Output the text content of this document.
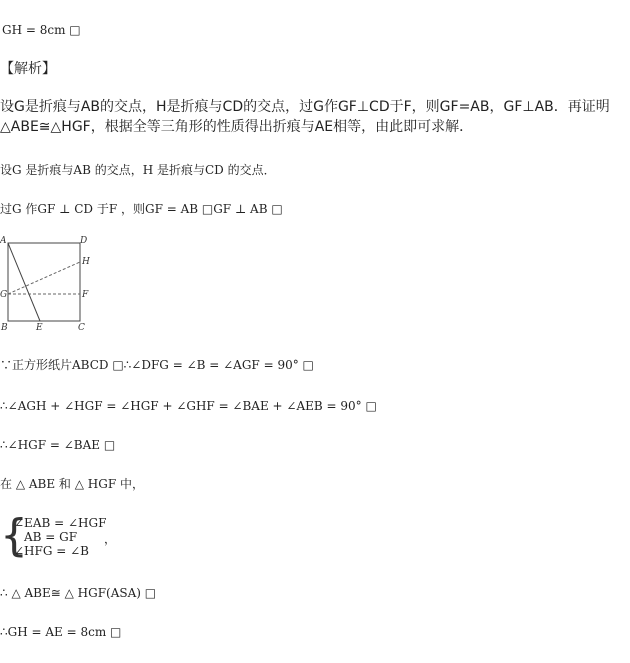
GH = 8cm □
【解析】
设G是折痕与AB的交点，H是折痕与CD的交点，过G作GF⊥CD于F，则GF=AB，GF⊥AB．再证明
△ABE≅△HGF，根据全等三角形的性质得出折痕与AE相等，由此即可求解．
设G 是折痕与AB 的交点，H 是折痕与CD 的交点．
过G 作GF ⊥ CD 于F ，则GF = AB □GF ⊥ AB □
A	D
H
G	F
B	E	C
∵正方形纸片ABCD □∴∠DFG = ∠B = ∠AGF = 90° □
∴∠AGH + ∠HGF = ∠HGF + ∠GHF = ∠BAE + ∠AEB = 90° □
∴∠HGF = ∠BAE □
在 △ ABE 和 △ HGF 中，
{
∠EAB = ∠HGF
AB = GF
∠HFG = ∠B
，
∴ △ ABE≅ △ HGF(ASA) □
∴GH = AE = 8cm □
